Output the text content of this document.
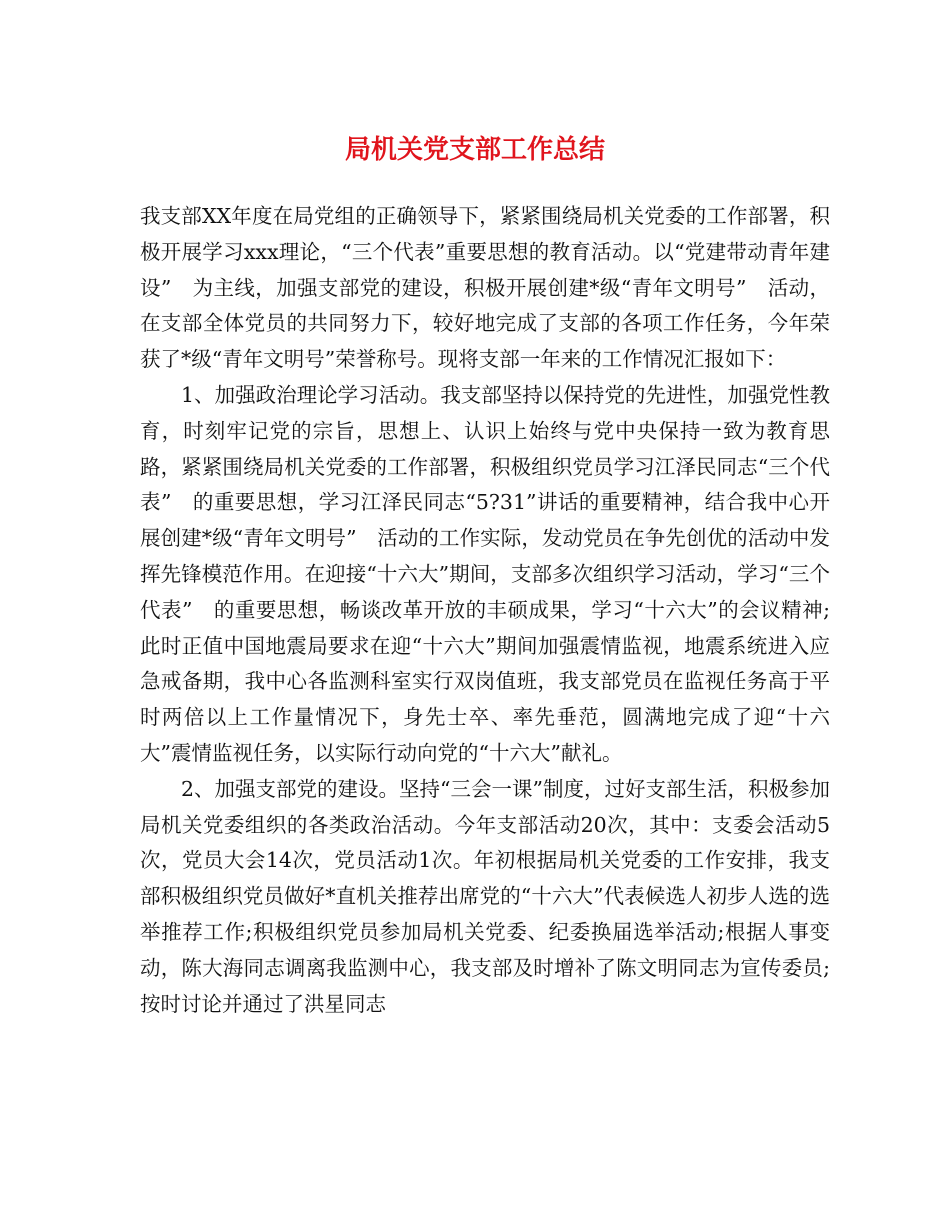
局机关党支部工作总结

我支部XX年度在局党组的正确领导下，紧紧围绕局机关党委的工作部署，积极开展学习xxx理论，“三个代表”重要思想的教育活动。以“党建带动青年建设”　为主线，加强支部党的建设，积极开展创建*级“青年文明号”　活动，在支部全体党员的共同努力下，较好地完成了支部的各项工作任务，今年荣获了*级“青年文明号”荣誉称号。现将支部一年来的工作情况汇报如下：

1、加强政治理论学习活动。我支部坚持以保持党的先进性，加强党性教育，时刻牢记党的宗旨，思想上、认识上始终与党中央保持一致为教育思路，紧紧围绕局机关党委的工作部署，积极组织党员学习江泽民同志“三个代表”　的重要思想，学习江泽民同志“5?31”讲话的重要精神，结合我中心开展创建*级“青年文明号”　活动的工作实际，发动党员在争先创优的活动中发挥先锋模范作用。在迎接“十六大”期间，支部多次组织学习活动，学习“三个代表”　的重要思想，畅谈改革开放的丰硕成果，学习“十六大”的会议精神;此时正值中国地震局要求在迎“十六大”期间加强震情监视，地震系统进入应急戒备期，我中心各监测科室实行双岗值班，我支部党员在监视任务高于平时两倍以上工作量情况下，身先士卒、率先垂范，圆满地完成了迎“十六大”震情监视任务，以实际行动向党的“十六大”献礼。

2、加强支部党的建设。坚持“三会一课”制度，过好支部生活，积极参加局机关党委组织的各类政治活动。今年支部活动20次，其中：支委会活动5次，党员大会14次，党员活动1次。年初根据局机关党委的工作安排，我支部积极组织党员做好*直机关推荐出席党的“十六大”代表候选人初步人选的选举推荐工作;积极组织党员参加局机关党委、纪委换届选举活动;根据人事变动，陈大海同志调离我监测中心，我支部及时增补了陈文明同志为宣传委员;按时讨论并通过了洪星同志
